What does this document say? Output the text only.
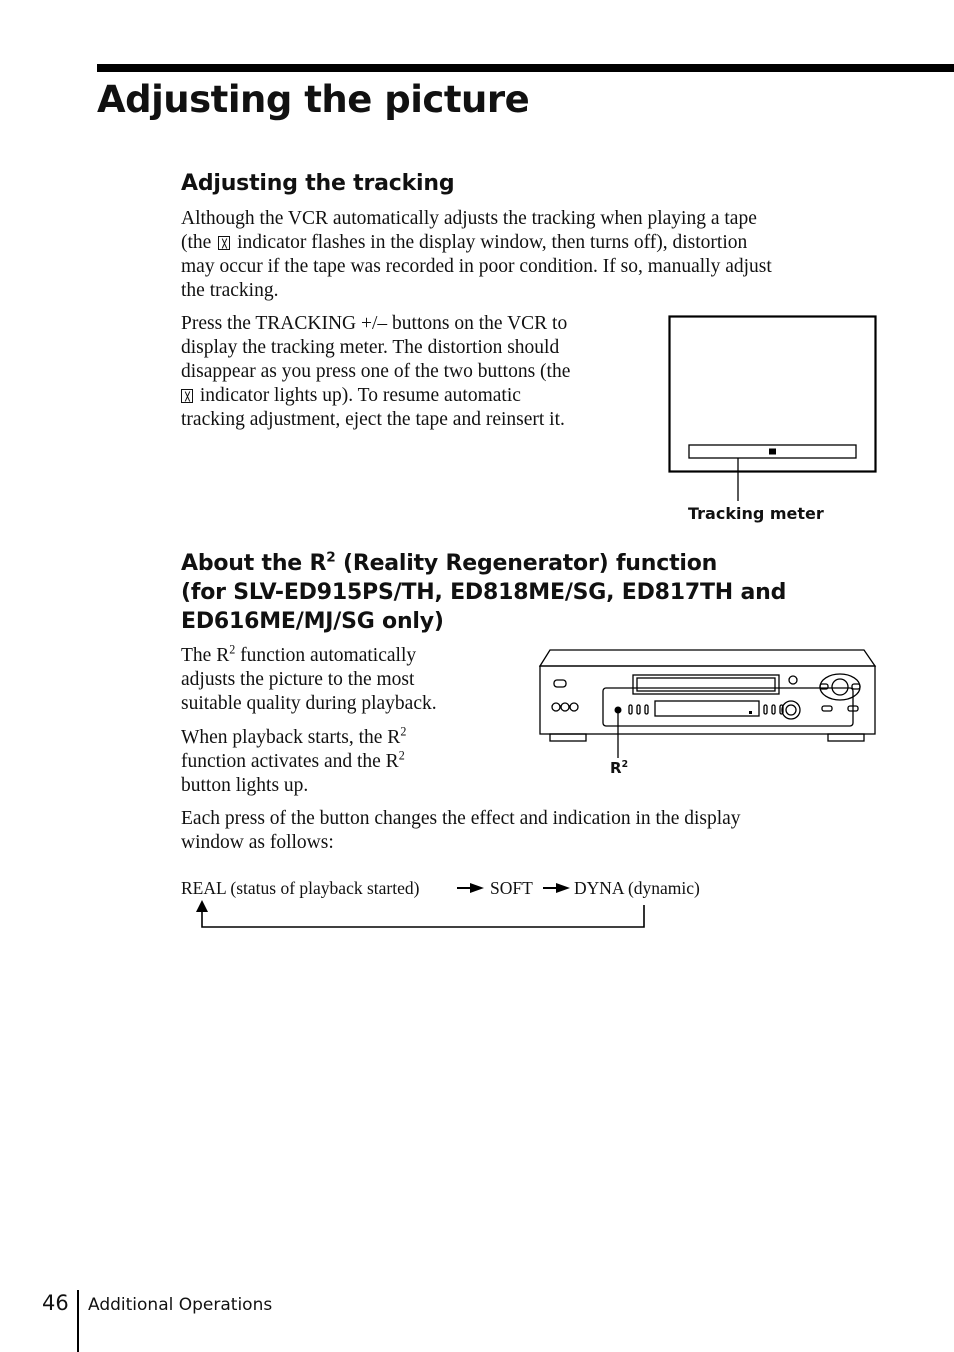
Adjusting the picture
Adjusting the tracking
Although the VCR automatically adjusts the tracking when playing a tape
(the indicator flashes in the display window, then turns off), distortion
may occur if the tape was recorded in poor condition. If so, manually adjust
the tracking.
Press the TRACKING +/– buttons on the VCR to
display the tracking meter. The distortion should
disappear as you press one of the two buttons (the
indicator lights up). To resume automatic
tracking adjustment, eject the tape and reinsert it.
Tracking meter
About the $R^2$ (Reality Regenerator) function
(for SLV-ED915PS/TH, ED818ME/SG, ED817TH and
ED616ME/MJ/SG only)
The $R^2$ function automatically
adjusts the picture to the most
suitable quality during playback.
When playback starts, the $R^2$
function activates and the $R^2$
button lights up.
$R^2$
Each press of the button changes the effect and indication in the display
window as follows:
REAL (status of playback started)	SOFT DYNA (dynamic)
46 Additional Operations
